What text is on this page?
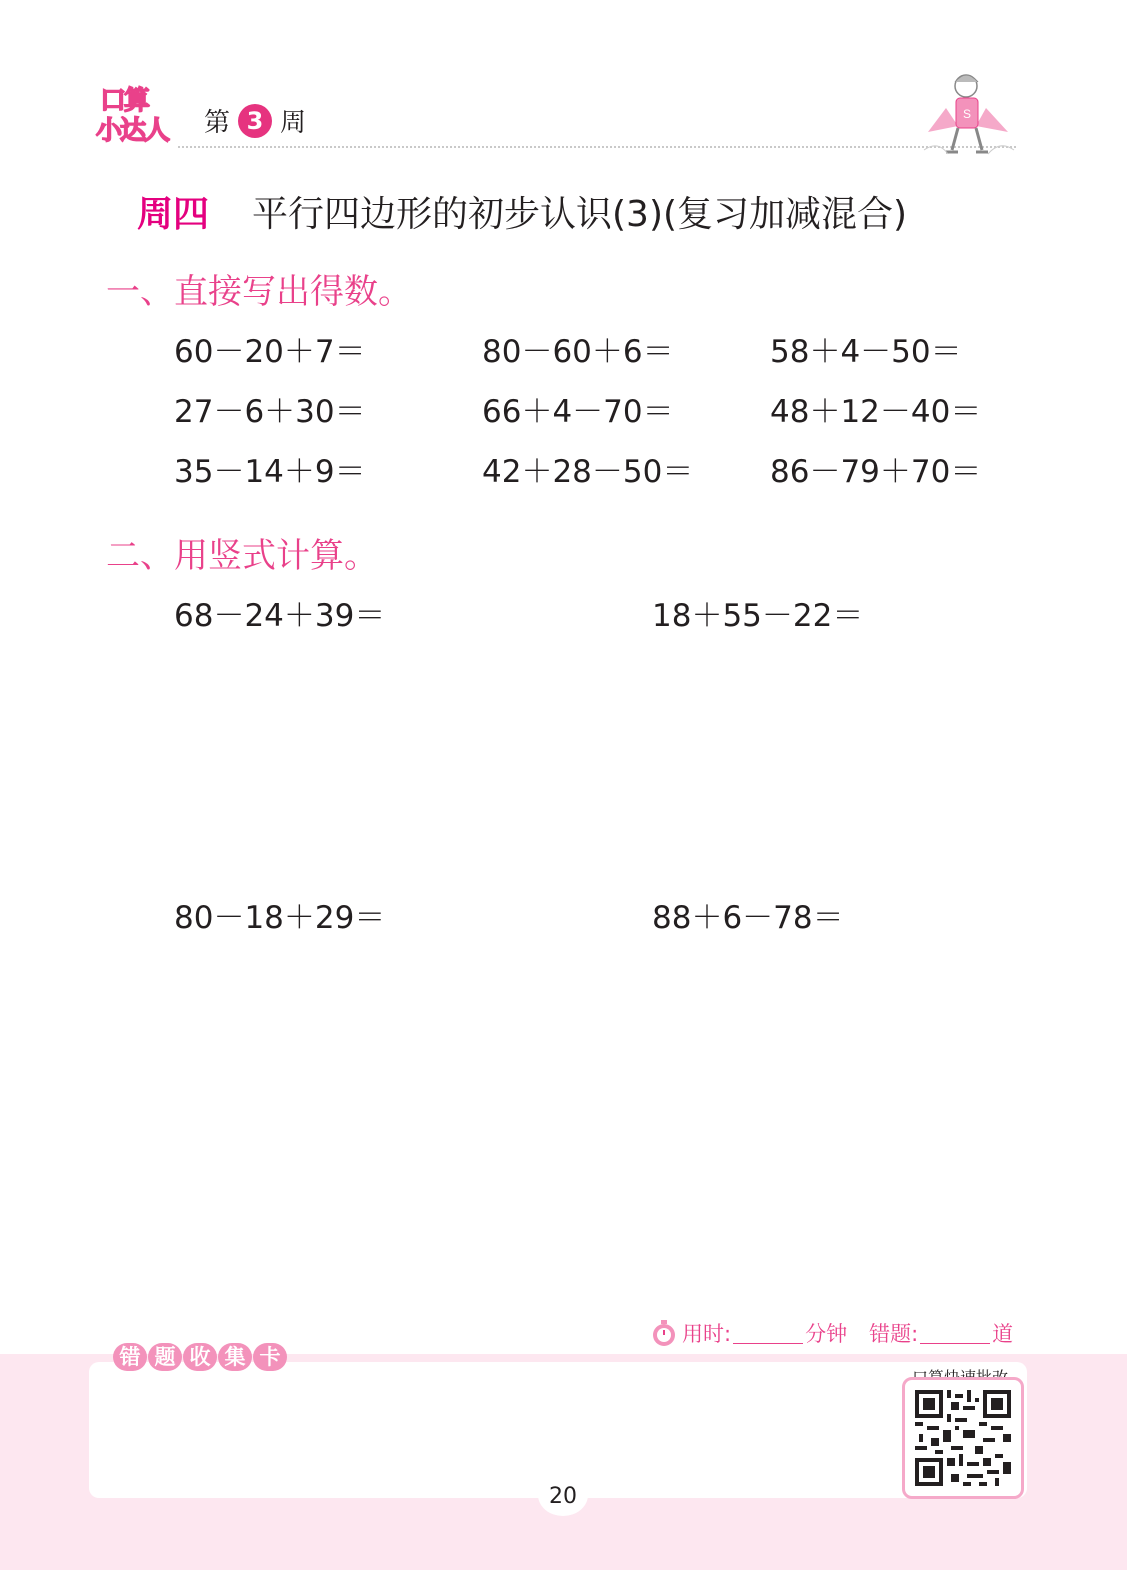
口算
小达人 第 3 周	S
周四 平行四边形的初步认识(3)(复习加减混合)
一、直接写出得数。
60－20＋7＝	80－60＋6＝	58＋4－50＝
27－6＋30＝	66＋4－70＝	48＋12－40＝
35－14＋9＝	42＋28－50＝ 86－79＋70＝
二、用竖式计算。
68－24＋39＝	18＋55－22＝
80－18＋29＝	88＋6－78＝
错 题 收 集 卡
用时:	分钟 错题:	道
20
